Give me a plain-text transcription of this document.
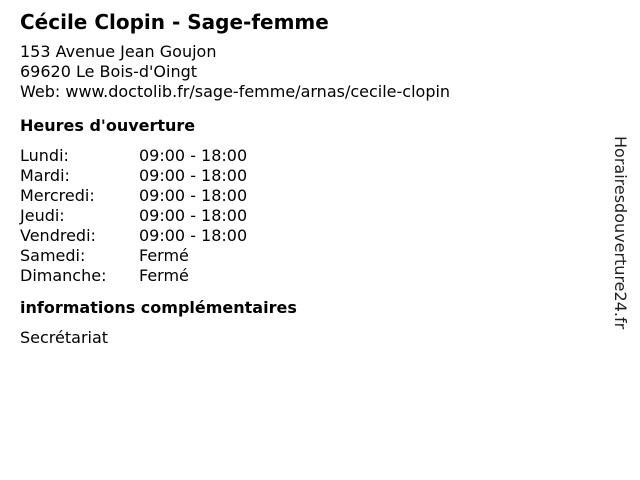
Cécile Clopin - Sage-femme
153 Avenue Jean Goujon
69620 Le Bois-d'Oingt
Web: www.doctolib.fr/sage-femme/arnas/cecile-clopin
Heures d'ouverture
Lundi:	09:00 - 18:00
Mardi:	09:00 - 18:00
Mercredi:	09:00 - 18:00
Jeudi:	09:00 - 18:00
Vendredi:	09:00 - 18:00
Samedi:	Fermé
Dimanche: Fermé
informations complémentaires
Secrétariat
Horairesdouverture24.fr
